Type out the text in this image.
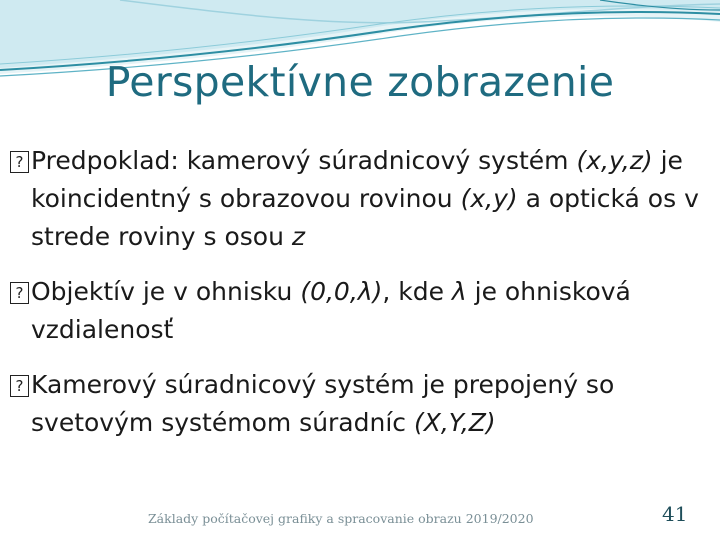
Perspektívne zobrazenie
? Predpoklad: kamerový súradnicový systém (x,y,z) je koincidentný s obrazovou rovinou (x,y) a optická os v strede roviny s osou z
? Objektív je v ohnisku (0,0,λ), kde λ je ohnisková vzdialenosť
? Kamerový súradnicový systém je prepojený so svetovým systémom súradníc (X,Y,Z)
Základy počítačovej grafiky a spracovanie obrazu 2019/2020	41
